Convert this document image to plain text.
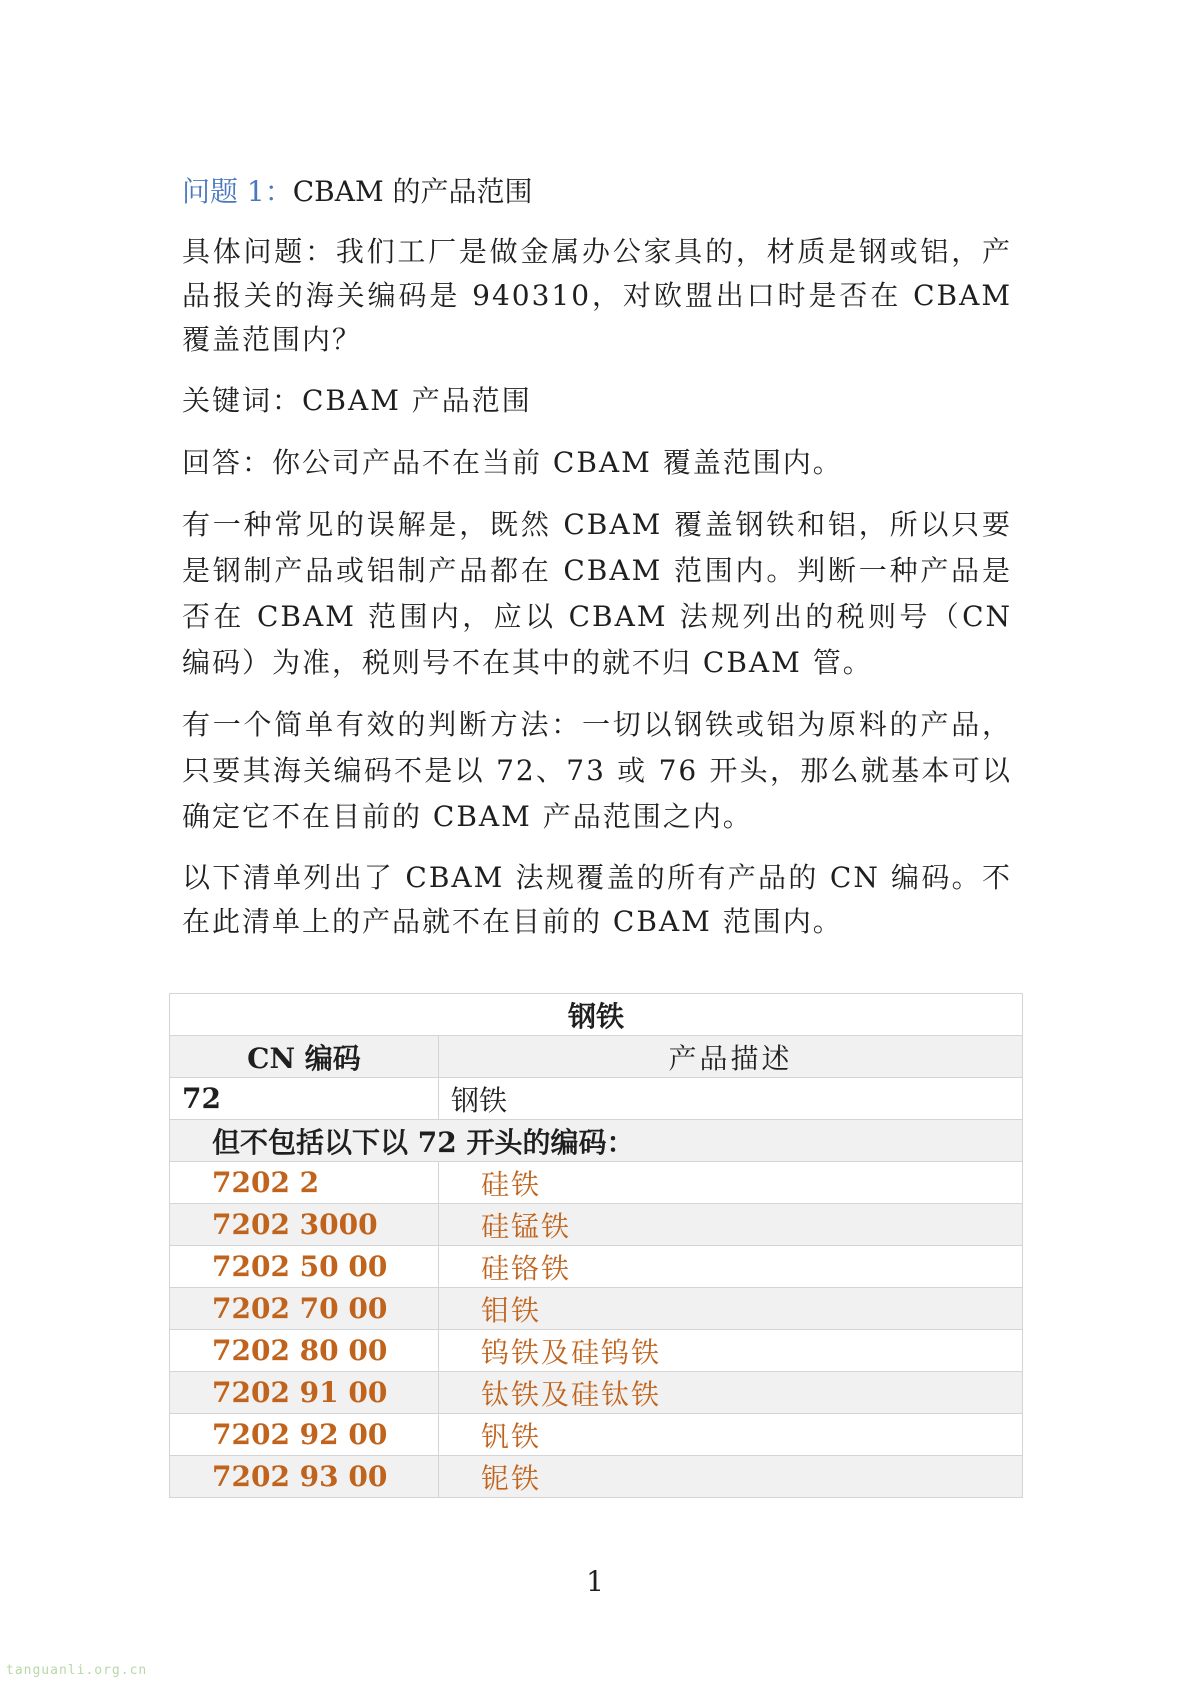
问题 1：CBAM 的产品范围

具体问题：我们工厂是做金属办公家具的，材质是钢或铝，产品报关的海关编码是 940310，对欧盟出口时是否在 CBAM 覆盖范围内？

关键词：CBAM 产品范围

回答：你公司产品不在当前 CBAM 覆盖范围内。

有一种常见的误解是，既然 CBAM 覆盖钢铁和铝，所以只要是钢制产品或铝制产品都在 CBAM 范围内。判断一种产品是否在 CBAM 范围内，应以 CBAM 法规列出的税则号（CN 编码）为准，税则号不在其中的就不归 CBAM 管。

有一个简单有效的判断方法：一切以钢铁或铝为原料的产品，只要其海关编码不是以 72、73 或 76 开头，那么就基本可以确定它不在目前的 CBAM 产品范围之内。

以下清单列出了 CBAM 法规覆盖的所有产品的 CN 编码。不在此清单上的产品就不在目前的 CBAM 范围内。

钢铁	
CN 编码	产品描述
72	钢铁
但不包括以下以 72 开头的编码：	
7202 2	硅铁
7202 3000	硅锰铁
7202 50 00	硅铬铁
7202 70 00	钼铁
7202 80 00	钨铁及硅钨铁
7202 91 00	钛铁及硅钛铁
7202 92 00	钒铁
7202 93 00	铌铁
1
tanguanli.org.cn
